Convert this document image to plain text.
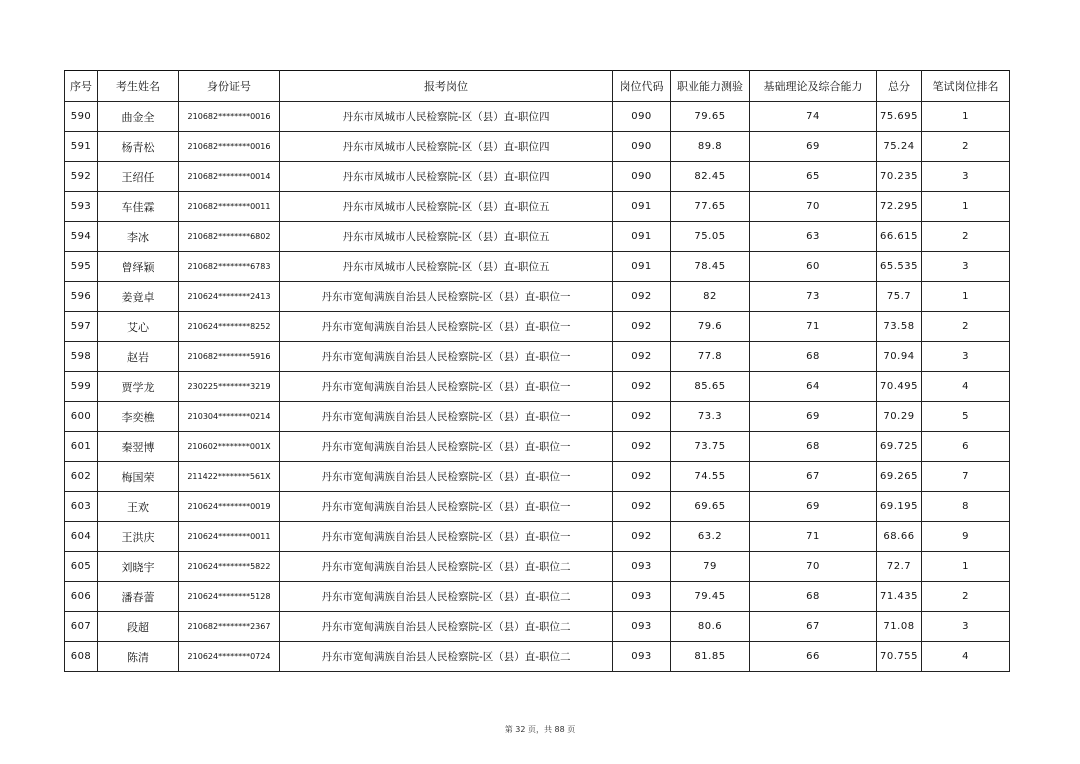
序号	考生姓名	身份证号	报考岗位	岗位代码	职业能力测验	基础理论及综合能力	总分	笔试岗位排名
590	曲金全	210682********0016	丹东市凤城市人民检察院-区（县）直-职位四	090	79.65	74	75.695	1
591	杨青松	210682********0016	丹东市凤城市人民检察院-区（县）直-职位四	090	89.8	69	75.24	2
592	王绍任	210682********0014	丹东市凤城市人民检察院-区（县）直-职位四	090	82.45	65	70.235	3
593	车佳霖	210682********0011	丹东市凤城市人民检察院-区（县）直-职位五	091	77.65	70	72.295	1
594	李冰	210682********6802	丹东市凤城市人民检察院-区（县）直-职位五	091	75.05	63	66.615	2
595	曾绎颖	210682********6783	丹东市凤城市人民检察院-区（县）直-职位五	091	78.45	60	65.535	3
596	姜竟卓	210624********2413	丹东市宽甸满族自治县人民检察院-区（县）直-职位一	092	82	73	75.7	1
597	艾心	210624********8252	丹东市宽甸满族自治县人民检察院-区（县）直-职位一	092	79.6	71	73.58	2
598	赵岩	210682********5916	丹东市宽甸满族自治县人民检察院-区（县）直-职位一	092	77.8	68	70.94	3
599	贾学龙	230225********3219	丹东市宽甸满族自治县人民检察院-区（县）直-职位一	092	85.65	64	70.495	4
600	李奕樵	210304********0214	丹东市宽甸满族自治县人民检察院-区（县）直-职位一	092	73.3	69	70.29	5
601	秦翌博	210602********001X	丹东市宽甸满族自治县人民检察院-区（县）直-职位一	092	73.75	68	69.725	6
602	梅国荣	211422********561X	丹东市宽甸满族自治县人民检察院-区（县）直-职位一	092	74.55	67	69.265	7
603	王欢	210624********0019	丹东市宽甸满族自治县人民检察院-区（县）直-职位一	092	69.65	69	69.195	8
604	王洪庆	210624********0011	丹东市宽甸满族自治县人民检察院-区（县）直-职位一	092	63.2	71	68.66	9
605	刘晓宇	210624********5822	丹东市宽甸满族自治县人民检察院-区（县）直-职位二	093	79	70	72.7	1
606	潘春蕾	210624********5128	丹东市宽甸满族自治县人民检察院-区（县）直-职位二	093	79.45	68	71.435	2
607	段超	210682********2367	丹东市宽甸满族自治县人民检察院-区（县）直-职位二	093	80.6	67	71.08	3
608	陈清	210624********0724	丹东市宽甸满族自治县人民检察院-区（县）直-职位二	093	81.85	66	70.755	4
第 32 页，共 88 页
